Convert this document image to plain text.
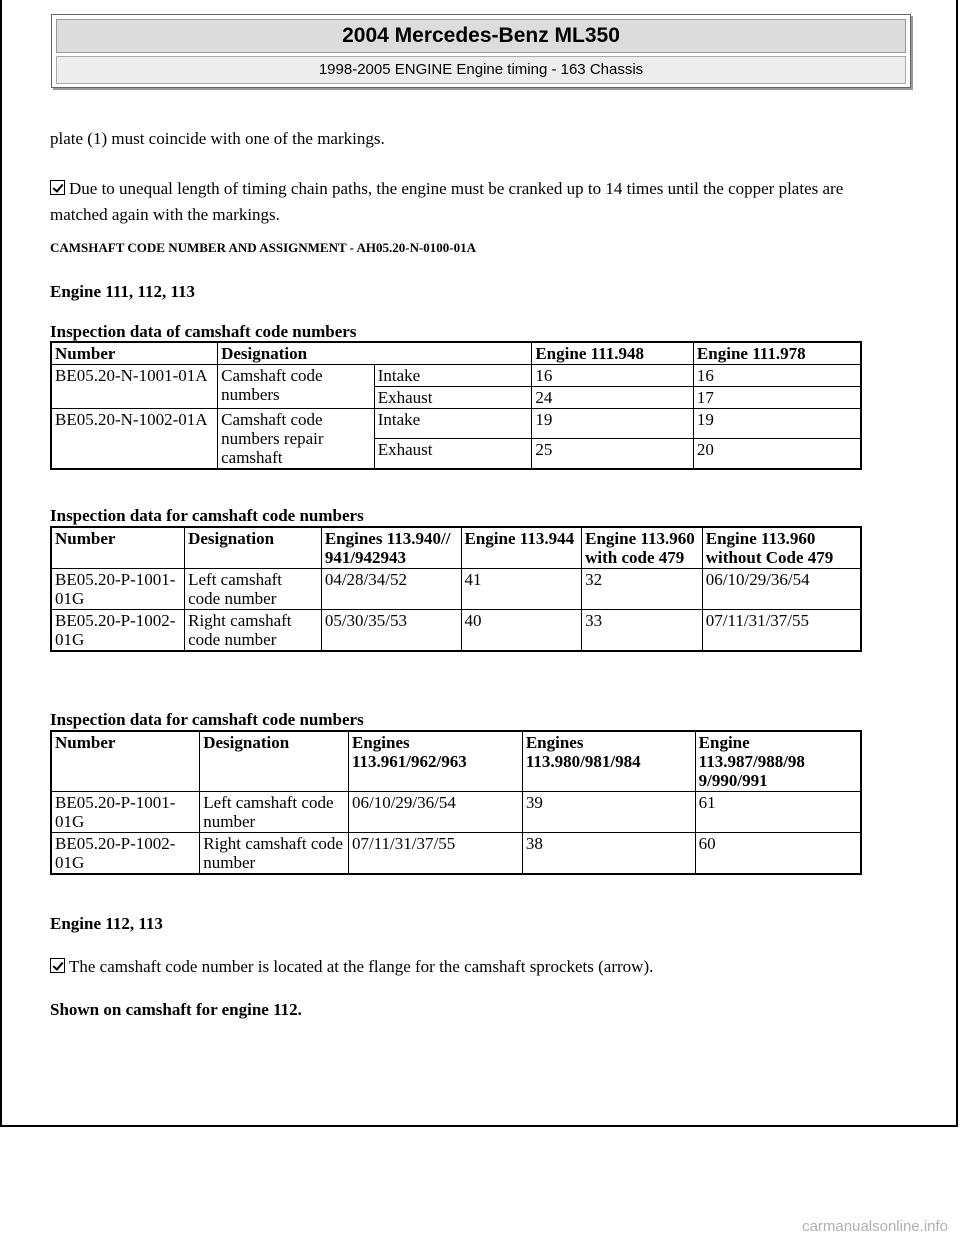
2004 Mercedes-Benz ML350
1998-2005 ENGINE Engine timing - 163 Chassis

plate (1) must coincide with one of the markings.

Due to unequal length of timing chain paths, the engine must be cranked up to 14 times until the copper plates are matched again with the markings.

CAMSHAFT CODE NUMBER AND ASSIGNMENT - AH05.20-N-0100-01A

Engine 111, 112, 113

Inspection data of camshaft code numbers

Number	Designation		Engine 111.948	Engine 111.978
BE05.20-N-1001-01A	Camshaft code numbers	Intake	16	16
		Exhaust	24	17
BE05.20-N-1002-01A	Camshaft code numbers repair camshaft	Intake	19	19
		Exhaust	25	20

Inspection data for camshaft code numbers

Number	Designation	Engines 113.940// 941/942943	Engine 113.944	Engine 113.960 with code 479	Engine 113.960 without Code 479
BE05.20-P-1001-01G	Left camshaft code number	04/28/34/52	41	32	06/10/29/36/54
BE05.20-P-1002-01G	Right camshaft code number	05/30/35/53	40	33	07/11/31/37/55

Inspection data for camshaft code numbers

Number	Designation	Engines 113.961/962/963	Engines 113.980/981/984	Engine 113.987/988/98 9/990/991
BE05.20-P-1001-01G	Left camshaft code number	06/10/29/36/54	39	61
BE05.20-P-1002-01G	Right camshaft code number	07/11/31/37/55	38	60

Engine 112, 113

The camshaft code number is located at the flange for the camshaft sprockets (arrow).

Shown on camshaft for engine 112.

carmanualsonline.info
